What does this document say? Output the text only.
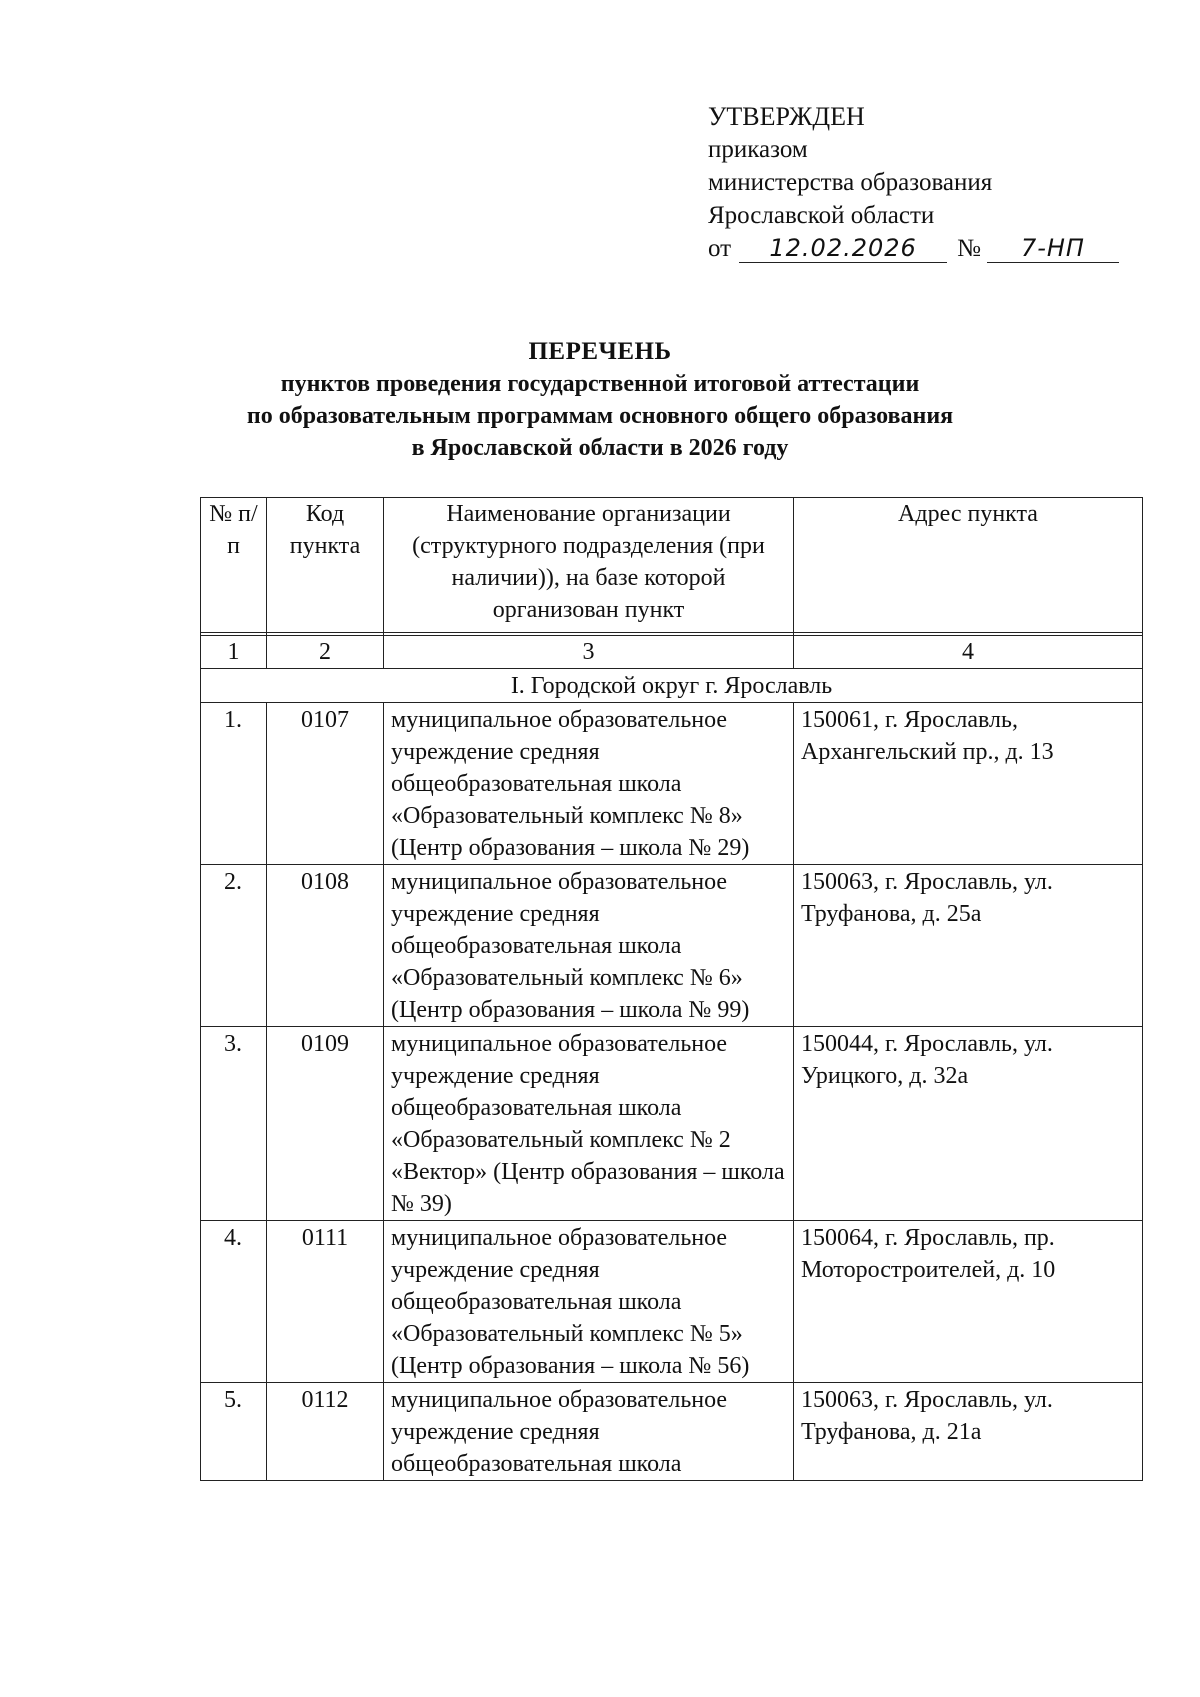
УТВЕРЖДЕН
приказом
министерства образования
Ярославской области
от 12.02.2026 № 7-НП
ПЕРЕЧЕНЬ
пунктов проведения государственной итоговой аттестации
по образовательным программам основного общего образования
в Ярославской области в 2026 году
№ п/п	Код пункта	Наименование организации (структурного подразделения (при наличии)), на базе которой организован пункт	Адрес пункта

1	2	3	4
I. Городской округ г. Ярославль			
1.	0107	муниципальное образовательное учреждение средняя общеобразовательная школа «Образовательный комплекс № 8» (Центр образования – школа № 29)	150061, г. Ярославль, Архангельский пр., д. 13
2.	0108	муниципальное образовательное учреждение средняя общеобразовательная школа «Образовательный комплекс № 6» (Центр образования – школа № 99)	150063, г. Ярославль, ул. Труфанова, д. 25а
3.	0109	муниципальное образовательное учреждение средняя общеобразовательная школа «Образовательный комплекс № 2 «Вектор» (Центр образования – школа № 39)	150044, г. Ярославль, ул. Урицкого, д. 32а
4.	0111	муниципальное образовательное учреждение средняя общеобразовательная школа «Образовательный комплекс № 5» (Центр образования – школа № 56)	150064, г. Ярославль, пр. Моторостроителей, д. 10
5.	0112	муниципальное образовательное учреждение средняя общеобразовательная школа	150063, г. Ярославль, ул. Труфанова, д. 21а
